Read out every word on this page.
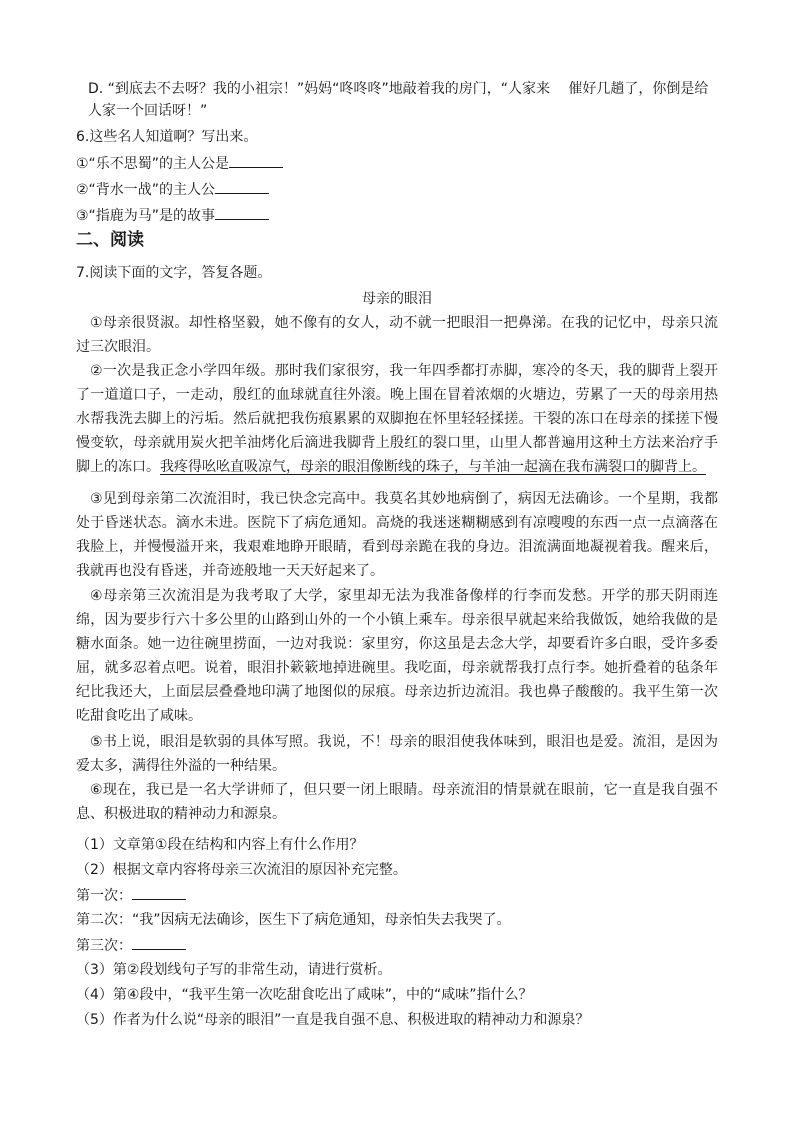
D. “到底去不去呀？我的小祖宗！”妈妈“咚咚咚”地敲着我的房门，“人家来　 催好几趟了，你倒是给
人家一个回话呀！”
6.这些名人知道啊？写出来。
①“乐不思蜀”的主人公是
②“背水一战”的主人公
③“指鹿为马”是的故事
二、阅读
7.阅读下面的文字，答复各题。
母亲的眼泪
①母亲很贤淑。却性格坚毅，她不像有的女人，动不就一把眼泪一把鼻涕。在我的记忆中，母亲只流过三次眼泪。
②一次是我正念小学四年级。那时我们家很穷，我一年四季都打赤脚，寒冷的冬天，我的脚背上裂开了一道道口子，一走动，殷红的血球就直往外滚。晚上围在冒着浓烟的火塘边，劳累了一天的母亲用热水帮我洗去脚上的污垢。然后就把我伤痕累累的双脚抱在怀里轻轻揉搓。干裂的冻口在母亲的揉搓下慢慢变软，母亲就用炭火把羊油烤化后滴进我脚背上殷红的裂口里，山里人都普遍用这种土方法来治疗手脚上的冻口。我疼得吆吆直吸凉气，母亲的眼泪像断线的珠子，与羊油一起滴在我布满裂口的脚背上。
③见到母亲第二次流泪时，我已快念完高中。我莫名其妙地病倒了，病因无法确诊。一个星期，我都处于昏迷状态。滴水未进。医院下了病危通知。高烧的我迷迷糊糊感到有凉嗖嗖的东西一点一点滴落在我脸上，并慢慢溢开来，我艰难地睁开眼睛，看到母亲跪在我的身边。泪流满面地凝视着我。醒来后，我就再也没有昏迷，并奇迹般地一天天好起来了。
④母亲第三次流泪是为我考取了大学，家里却无法为我准备像样的行李而发愁。开学的那天阴雨连绵，因为要步行六十多公里的山路到山外的一个小镇上乘车。母亲很早就起来给我做饭，她给我做的是糖水面条。她一边往碗里捞面，一边对我说：家里穷，你这虽是去念大学，却要看许多白眼，受许多委屈，就多忍着点吧。说着，眼泪扑簌簌地掉进碗里。我吃面，母亲就帮我打点行李。她折叠着的毡条年纪比我还大，上面层层叠叠地印满了地图似的尿痕。母亲边折边流泪。我也鼻子酸酸的。我平生第一次吃甜食吃出了咸味。
⑤书上说，眼泪是软弱的具体写照。我说，不！母亲的眼泪使我体味到，眼泪也是爱。流泪，是因为爱太多，满得往外溢的一种结果。
⑥现在，我已是一名大学讲师了，但只要一闭上眼睛。母亲流泪的情景就在眼前，它一直是我自强不息、积极进取的精神动力和源泉。
（1）文章第①段在结构和内容上有什么作用？
（2）根据文章内容将母亲三次流泪的原因补充完整。
第一次：
第二次：“我”因病无法确诊，医生下了病危通知，母亲怕失去我哭了。
第三次：
（3）第②段划线句子写的非常生动，请进行赏析。
（4）第④段中，“我平生第一次吃甜食吃出了咸味”，中的“咸味”指什么？
（5）作者为什么说“母亲的眼泪”一直是我自强不息、积极进取的精神动力和源泉？
